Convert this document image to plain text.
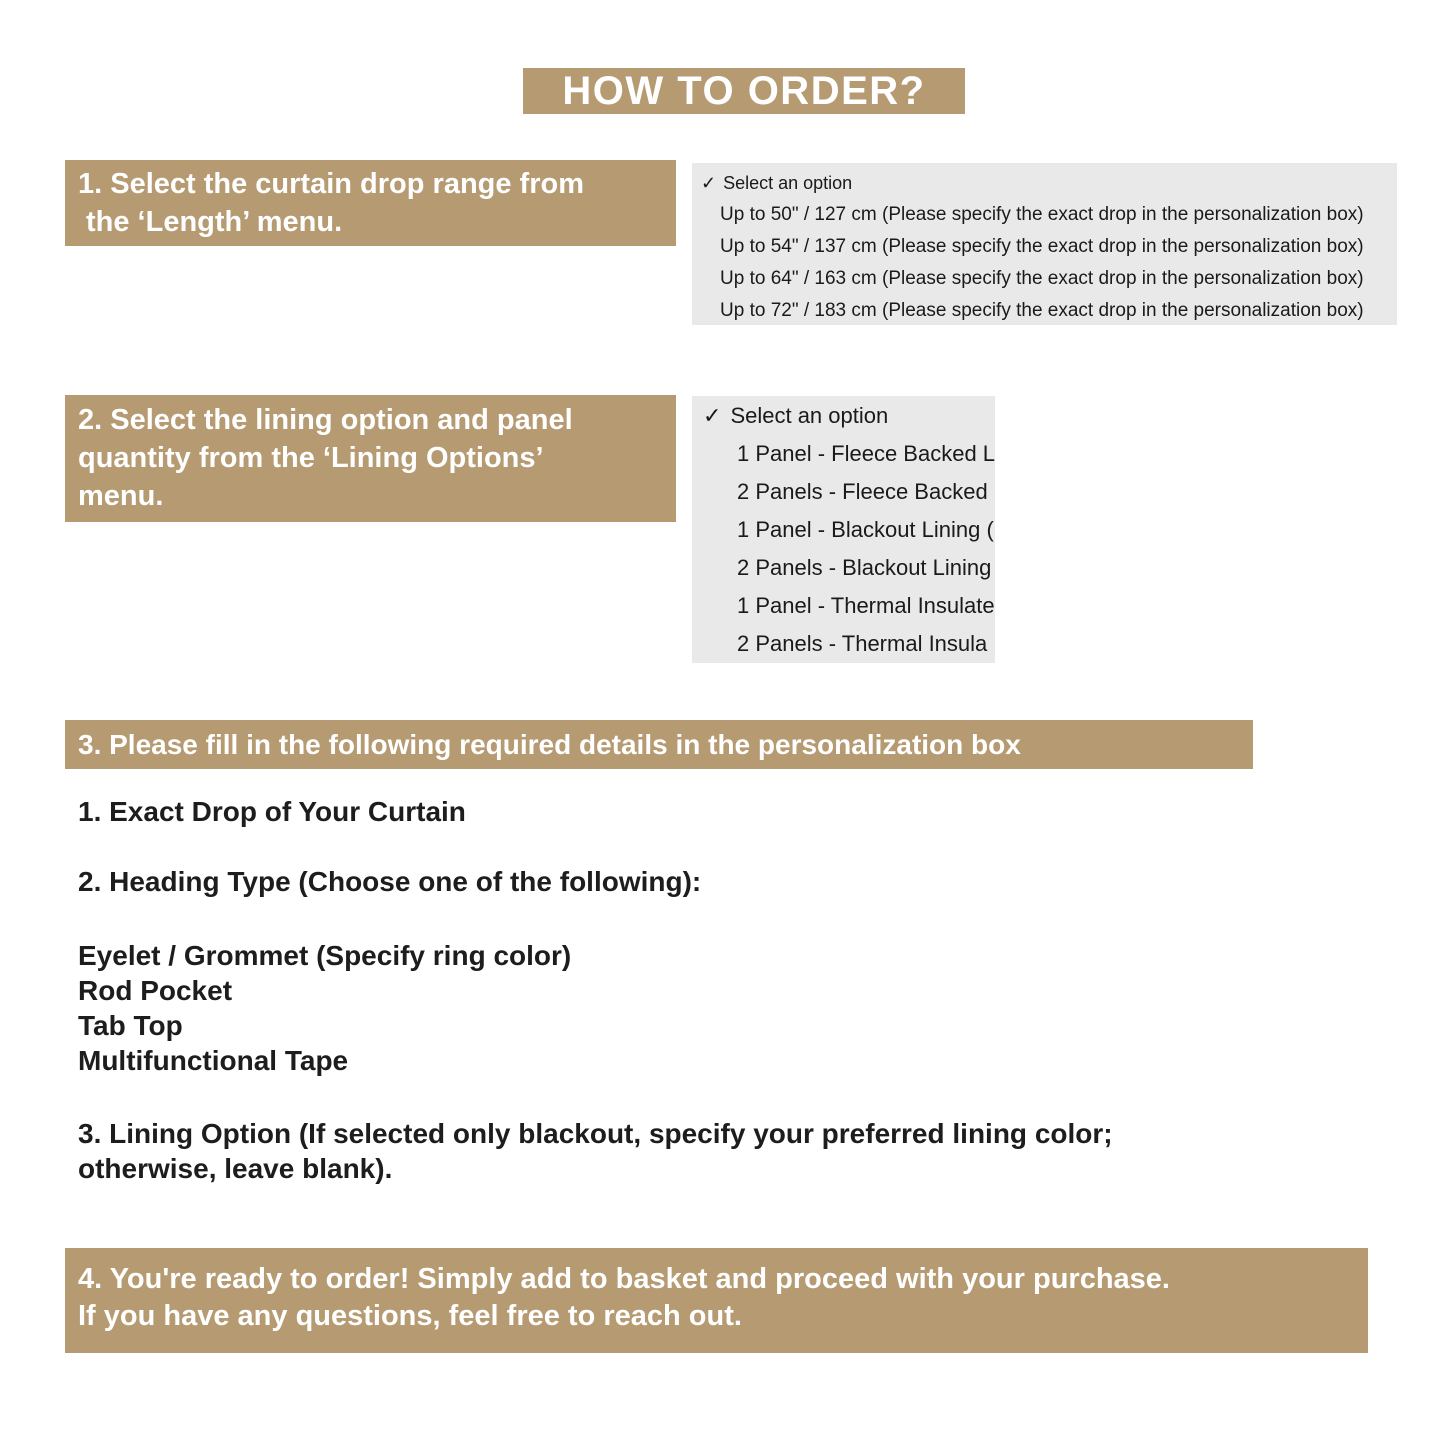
HOW TO ORDER?
1. Select the curtain drop range from
the ‘Length’ menu.
✓ Select an option
Up to 50" / 127 cm (Please specify the exact drop in the personalization box)
Up to 54" / 137 cm (Please specify the exact drop in the personalization box)
Up to 64" / 163 cm (Please specify the exact drop in the personalization box)
Up to 72" / 183 cm (Please specify the exact drop in the personalization box)
2. Select the lining option and panel
quantity from the ‘Lining Options’
menu.
✓ Select an option
1 Panel - Fleece Backed L
2 Panels - Fleece Backed
1 Panel - Blackout Lining (
2 Panels - Blackout Lining
1 Panel - Thermal Insulate
2 Panels - Thermal Insula
3. Please fill in the following required details in the personalization box
1. Exact Drop of Your Curtain
2. Heading Type (Choose one of the following):
Eyelet / Grommet (Specify ring color)
Rod Pocket
Tab Top
Multifunctional Tape
3. Lining Option (If selected only blackout, specify your preferred lining color;
otherwise, leave blank).
4. You're ready to order! Simply add to basket and proceed with your purchase.
If you have any questions, feel free to reach out.
